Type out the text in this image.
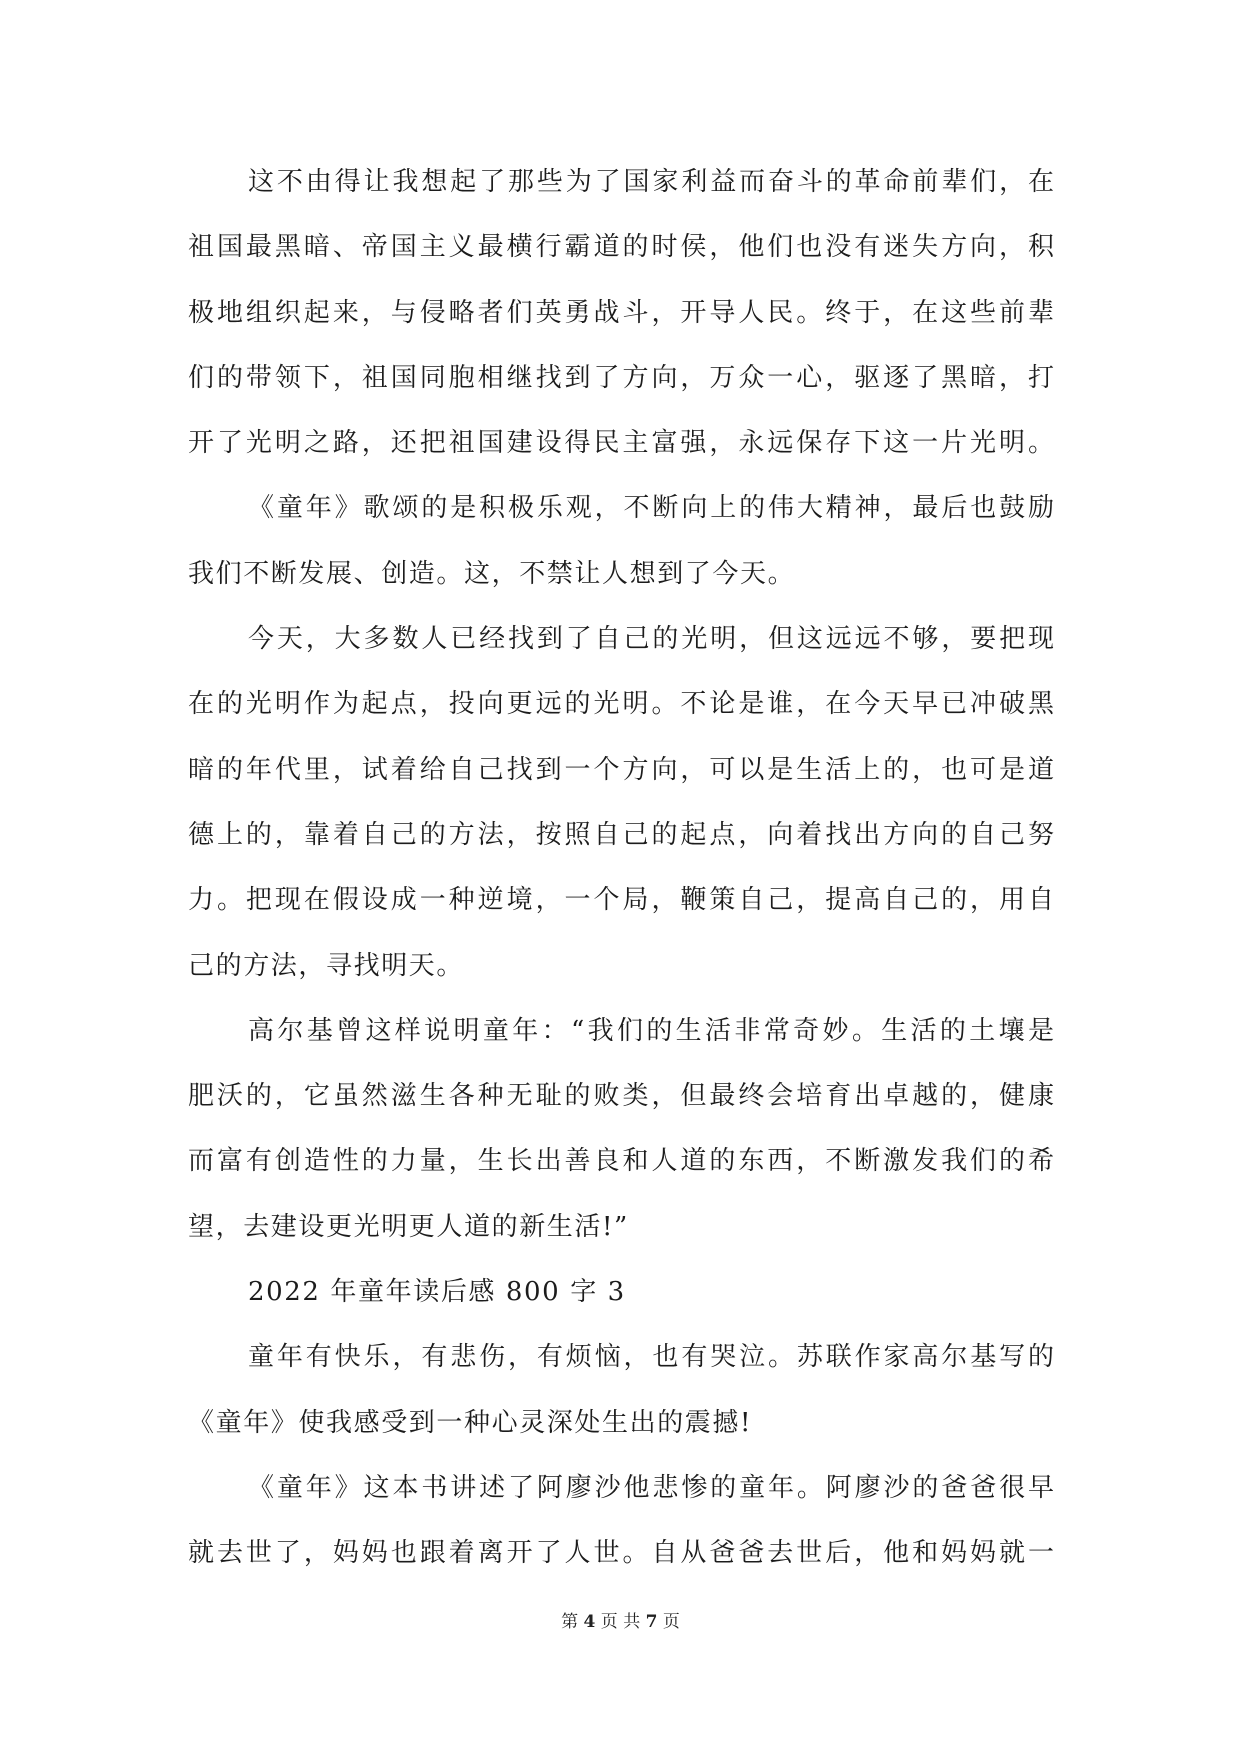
这不由得让我想起了那些为了国家利益而奋斗的革命前辈们，在
祖国最黑暗、帝国主义最横行霸道的时侯，他们也没有迷失方向，积
极地组织起来，与侵略者们英勇战斗，开导人民。终于，在这些前辈
们的带领下，祖国同胞相继找到了方向，万众一心，驱逐了黑暗，打
开了光明之路，还把祖国建设得民主富强，永远保存下这一片光明。
《童年》歌颂的是积极乐观，不断向上的伟大精神，最后也鼓励
我们不断发展、创造。这，不禁让人想到了今天。
今天，大多数人已经找到了自己的光明，但这远远不够，要把现
在的光明作为起点，投向更远的光明。不论是谁，在今天早已冲破黑
暗的年代里，试着给自己找到一个方向，可以是生活上的，也可是道
德上的，靠着自己的方法，按照自己的起点，向着找出方向的自己努
力。把现在假设成一种逆境，一个局，鞭策自己，提高自己的，用自
己的方法，寻找明天。
高尔基曾这样说明童年：“我们的生活非常奇妙。生活的土壤是
肥沃的，它虽然滋生各种无耻的败类，但最终会培育出卓越的，健康
而富有创造性的力量，生长出善良和人道的东西，不断激发我们的希
望，去建设更光明更人道的新生活!”
2022 年童年读后感 800 字 3
童年有快乐，有悲伤，有烦恼，也有哭泣。苏联作家高尔基写的
《童年》使我感受到一种心灵深处生出的震撼!
《童年》这本书讲述了阿廖沙他悲惨的童年。阿廖沙的爸爸很早
就去世了，妈妈也跟着离开了人世。自从爸爸去世后，他和妈妈就一
第 4 页 共 7 页
